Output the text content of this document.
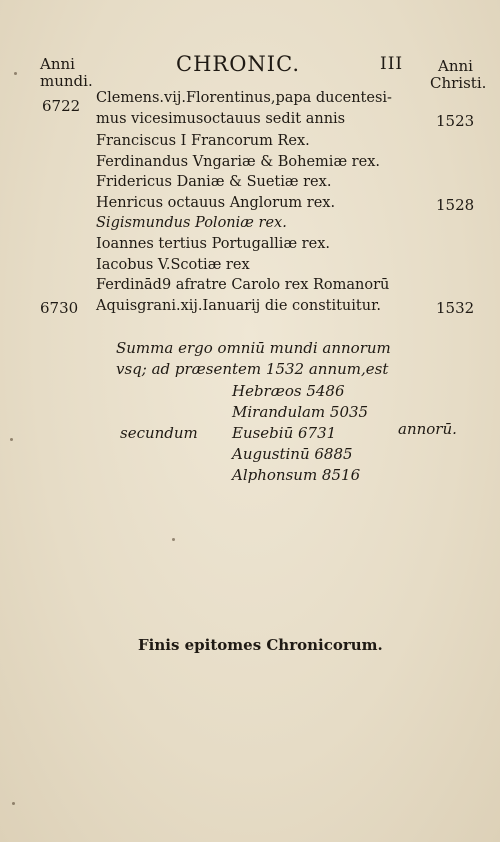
Anni
mundi.
CHRONIC.	III	Anni
Christi.
6722 Clemens.vij.Florentinus,papa ducentesi-
mus vicesimusoctauus sedit annis	1523
Franciscus I Francorum Rex.
Ferdinandus Vngariæ & Bohemiæ rex.
Fridericus Daniæ & Suetiæ rex.
Henricus octauus Anglorum rex.	1528
Sigismundus Poloniæ rex.
Ioannes tertius Portugalliæ rex.
Iacobus V.Scotiæ rex
Ferdinād9 afratre Carolo rex Romanorū
6730 Aquisgrani.xij.Ianuarij die constituitur.	1532
Summa ergo omniū mundi annorum
vsq; ad præsentem 1532 annum,est
Hebræos 5486
Mirandulam 5035
secundum Eusebiū 6731	annorū.
Augustinū 6885
Alphonsum 8516
Finis epitomes Chronicorum.
